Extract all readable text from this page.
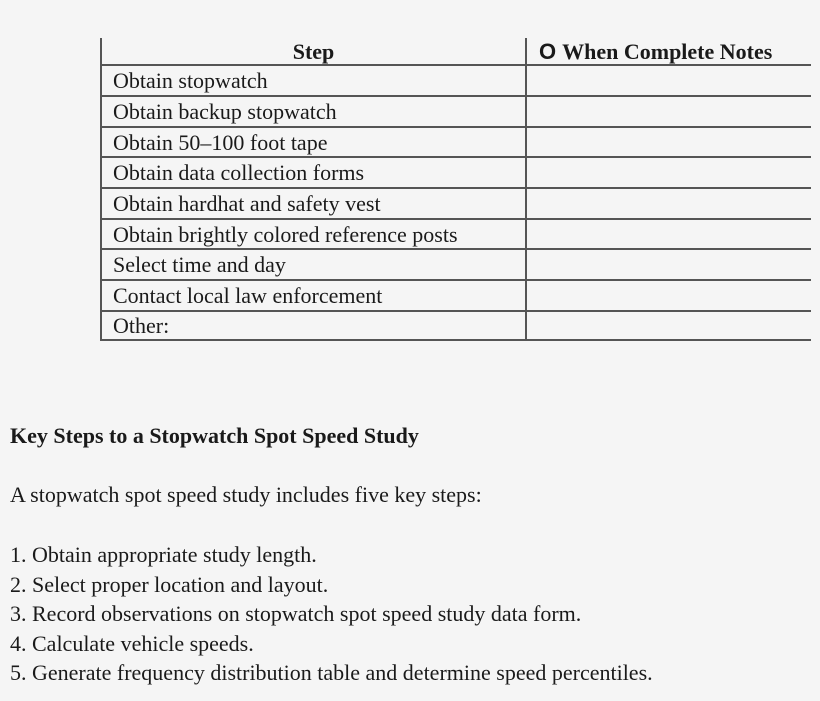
Step	O When Complete Notes
Obtain stopwatch
Obtain backup stopwatch
Obtain 50–100 foot tape
Obtain data collection forms
Obtain hardhat and safety vest
Obtain brightly colored reference posts
Select time and day
Contact local law enforcement
Other:
Key Steps to a Stopwatch Spot Speed Study
A stopwatch spot speed study includes five key steps:
1. Obtain appropriate study length.
2. Select proper location and layout.
3. Record observations on stopwatch spot speed study data form.
4. Calculate vehicle speeds.
5. Generate frequency distribution table and determine speed percentiles.
